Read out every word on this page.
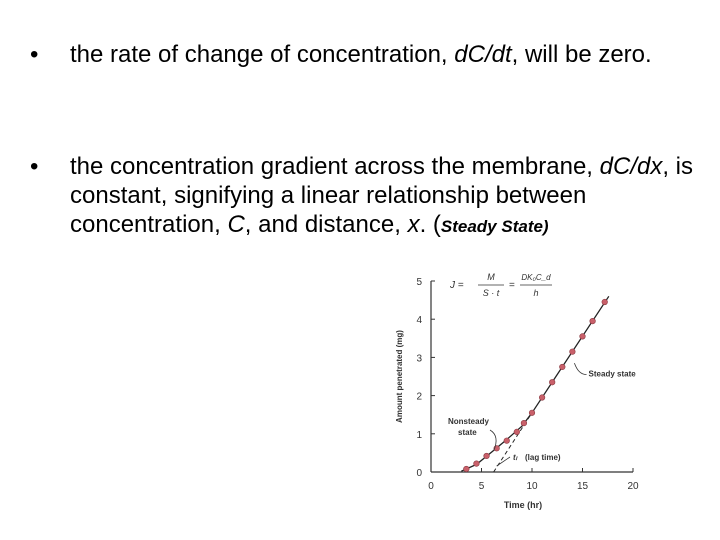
• the rate of change of concentration, dC/dt, will be zero.
• the concentration gradient across the membrane, dC/dx, is constant, signifying a linear relationship between concentration, C, and distance, x. (Steady State)
0	5	10	15	20
0
1
2
3
4
5
Time (hr)
Amount penetrated (mg)
J =
M
S · t
=
DK₀C_d
h
Steady state
Nonsteady
state
tₗ (lag time)
